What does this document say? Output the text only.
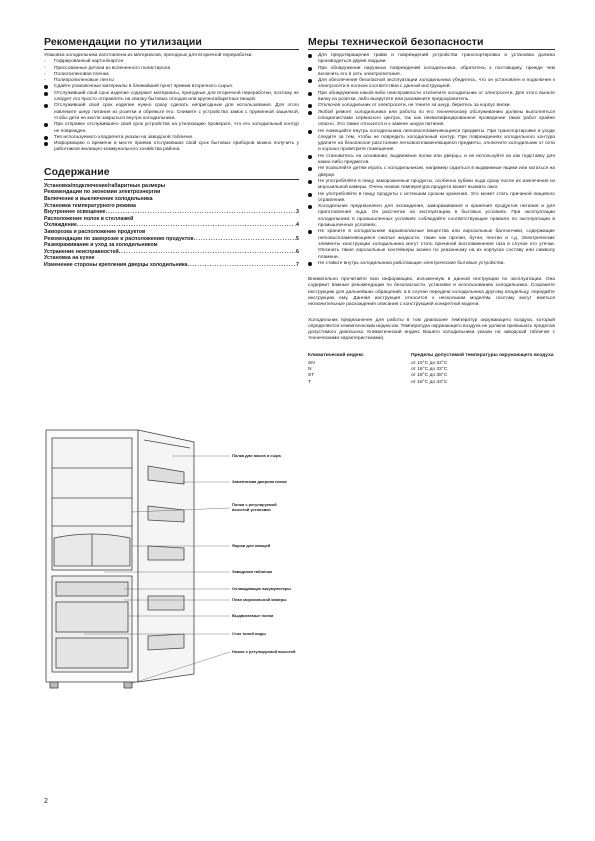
Рекомендации по утилизации

Упаковка холодильника изготовлена из материалов, пригодных для вторичной переработки.

- Гофрированный картон/картон
- Прессованные детали из вспененного полистирола
- Полиэтиленовая пленка
- Полипропиленовые ленты
Сдайте упаковочные материалы в ближайший пункт приема вторичного сырья.
Отслуживший свой срок изделие содержит материалы, пригодные для вторичной переработки, поэтому не следует его просто отправлять на свалку бытовых отходов или крупногабаритных вещей.
Отслуживший свой срок изделие нужно сразу сделать непригодным для использования. Для этого извлеките шнур питания из розетки и обрежьте его. Снимите с устройства замок с пружинной защелкой, чтобы дети не могли закрыться внутри холодильника.
При отправке отслужившего свой срок устройства на утилизацию проверьте, что его холодильный контур не поврежден.
Тип используемого хладагента указан на заводской табличке.
Информацию о времени и месте приема отслуживших свой срок бытовых приборов можно получить у работников жилищно-коммунального хозяйства района.
Содержание
Установка/подключение/габаритные размеры
Рекомендации по экономии электроэнергии
Включение и выключение холодильника
Установка температурного режима
Внутреннее освещение .....	3
Расположение полок и стеллажей
Охлаждение .....	4
Заморозка и расположение продуктов
Рекомендации по заморозке и расположению продуктов .....	5
Размораживание и уход за холодильником
Устранение неисправностей .....	6
Установка на кухне
Изменение стороны крепления дверцы холодильника .....	7
Полка для масла и сыра
Заменяемая дверная полка
Полки с регулируемой высотой установки
Ящики для овощей
Заводская табличка
Охлаждающие аккумуляторы
План морозильной камеры
Выдвигаемые полки
Сток талой воды
Ножки с регулируемой высотой
Меры технической безопасности
Для предотвращения травм и повреждений устройства транспортировка и установка должна производиться двумя людьми.
При обнаружении наружных повреждений холодильника, обратитесь к поставщику, прежде чем включить его в сеть электропитания.
Для обеспечения безопасной эксплуатации холодильника убедитесь, что он установлен и подключен к электросети в полном соответствии с данной инструкцией.
При обнаружении какой-либо неисправности отключите холодильник от электросети. Для этого выньте вилку из розетки, либо выкрутите или разомкните предохранитель.
Отключая холодильник от электросети, не тяните за шнур, беритесь за корпус вилки.
Любой ремонт холодильника или работы по его техническому обслуживанию должны выполняться специалистами сервисного центра, так как неквалифицированное проведение таких работ крайне опасно. Это также относится и к замене шнура питания.
Не помещайте внутрь холодильника легковоспламеняющиеся предметы. При транспортировке и уходе следите за тем, чтобы не повредить холодильный контур. При повреждениях холодильного контура удалите на безопасное расстояние легковоспламеняющиеся предметы, отключите холодильник от сети и хорошо проветрите помещение.
Не становитесь на основание, выдвижные полки или дверцы, и не используйте их как подставку для каких-либо предметов.
Не позволяйте детям играть с холодильником, например садиться в выдвижные ящики или кататься на дверце.
Не употребляйте в пищу замороженные продукты, особенно кубики льда сразу после их извлечения из морозильной камеры. Очень низкая температура продукта может вызвать ожог.
Не употребляйте в пищу продукты с истекшим сроком хранения. Это может стать причиной пищевого отравления.
Холодильник предназначен для охлаждения, замораживания и хранения продуктов питания и для приготовления льда. Он рассчитан на эксплуатацию в бытовых условиях. При эксплуатации холодильника в промышленных условиях соблюдайте соответствующие правила по эксплуатации в промышленных условиях.
Не храните в холодильнике взрывоопасные вещества или аэрозольные баллончики, содержащие легковоспламеняющиеся сжатые жидкости, такие как пропан, бутан, пентан и т.д. Электрические элементы конструкции холодильника могут стать причиной воспламенения газа в случае его утечки. Опознать такие аэрозольные контейнеры можно по указанному на их корпусах составу или символу пламени.
Не ставьте внутрь холодильника работающие электрические бытовые устройства.

Внимательно прочитайте всю информацию, изложенную в данной инструкции по эксплуатации. Она содержит важные рекомендации по безопасности, установке и использованию холодильника. Сохраните инструкцию для дальнейших обращений, а в случае передачи холодильника другому владельцу, передайте инструкцию ему. Данная инструкция относится к нескольким моделям, поэтому могут иметься незначительные расхождения описания с конструкцией конкретной модели.

Холодильник предназначен для работы в том диапазоне температур окружающего воздуха, который определяется климатическим индексом. Температура окружающего воздуха не должна превышать пределов допустимого диапазона. Климатический индекс Вашего холодильника указан на заводской табличке с техническими характеристиками).

Климатический индекс	Пределы допустимой температуры окружающего воздуха
SN	от 10°C до 32°C
N	от 16°C до 32°C
ST	от 18°C до 38°C
T	от 18°C до 43°C
2
